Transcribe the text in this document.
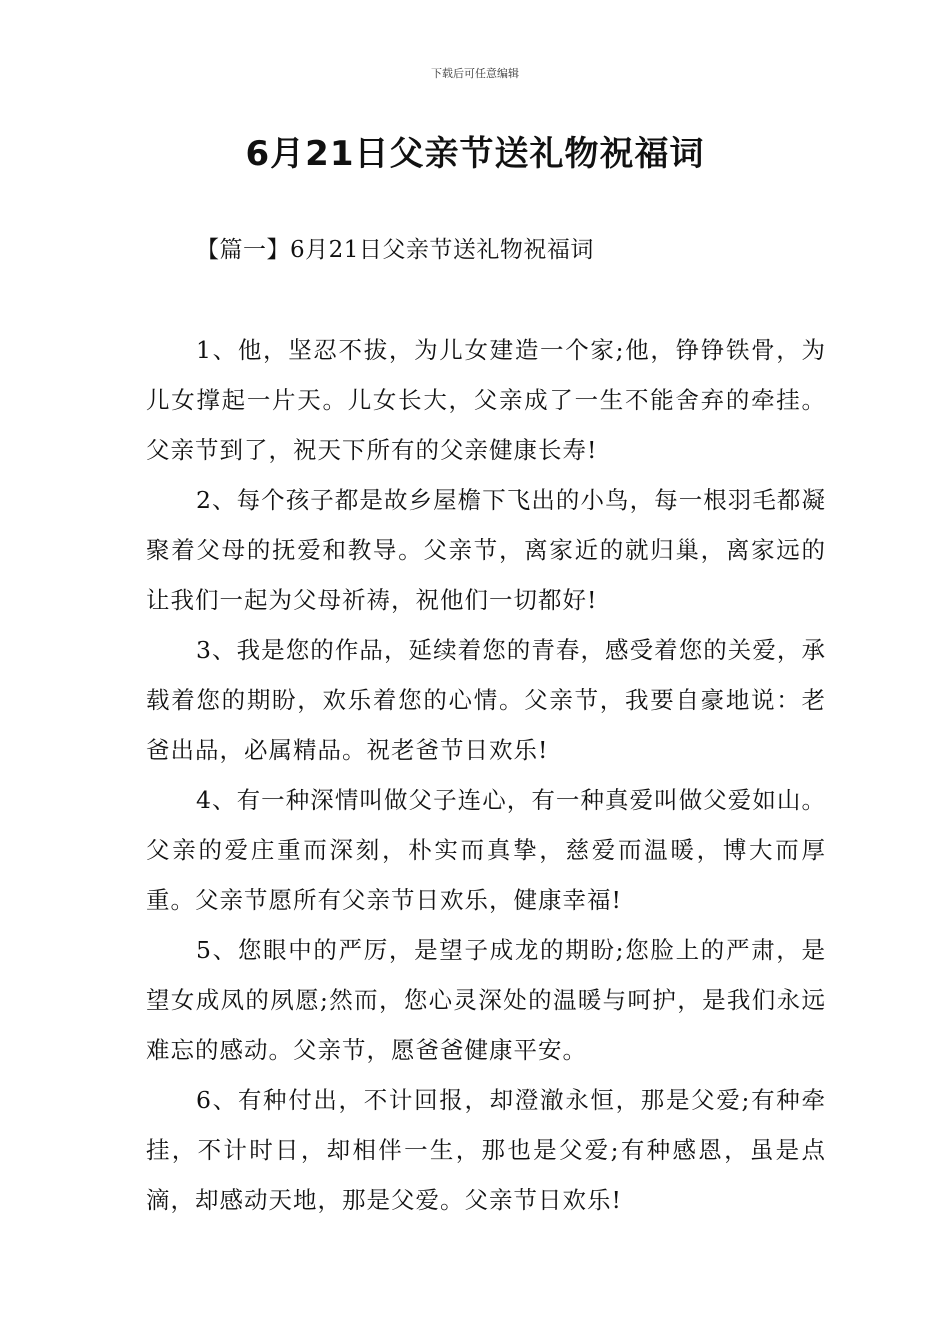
下载后可任意编辑
6月21日父亲节送礼物祝福词
【篇一】6月21日父亲节送礼物祝福词

1、他，坚忍不拔，为儿女建造一个家;他，铮铮铁骨，为儿女撑起一片天。儿女长大，父亲成了一生不能舍弃的牵挂。父亲节到了，祝天下所有的父亲健康长寿!

2、每个孩子都是故乡屋檐下飞出的小鸟，每一根羽毛都凝聚着父母的抚爱和教导。父亲节，离家近的就归巢，离家远的让我们一起为父母祈祷，祝他们一切都好!

3、我是您的作品，延续着您的青春，感受着您的关爱，承载着您的期盼，欢乐着您的心情。父亲节，我要自豪地说：老爸出品，必属精品。祝老爸节日欢乐!

4、有一种深情叫做父子连心，有一种真爱叫做父爱如山。父亲的爱庄重而深刻，朴实而真挚，慈爱而温暖，博大而厚重。父亲节愿所有父亲节日欢乐，健康幸福!

5、您眼中的严厉，是望子成龙的期盼;您脸上的严肃，是望女成凤的夙愿;然而，您心灵深处的温暖与呵护，是我们永远难忘的感动。父亲节，愿爸爸健康平安。

6、有种付出，不计回报，却澄澈永恒，那是父爱;有种牵挂，不计时日，却相伴一生，那也是父爱;有种感恩，虽是点滴，却感动天地，那是父爱。父亲节日欢乐!
